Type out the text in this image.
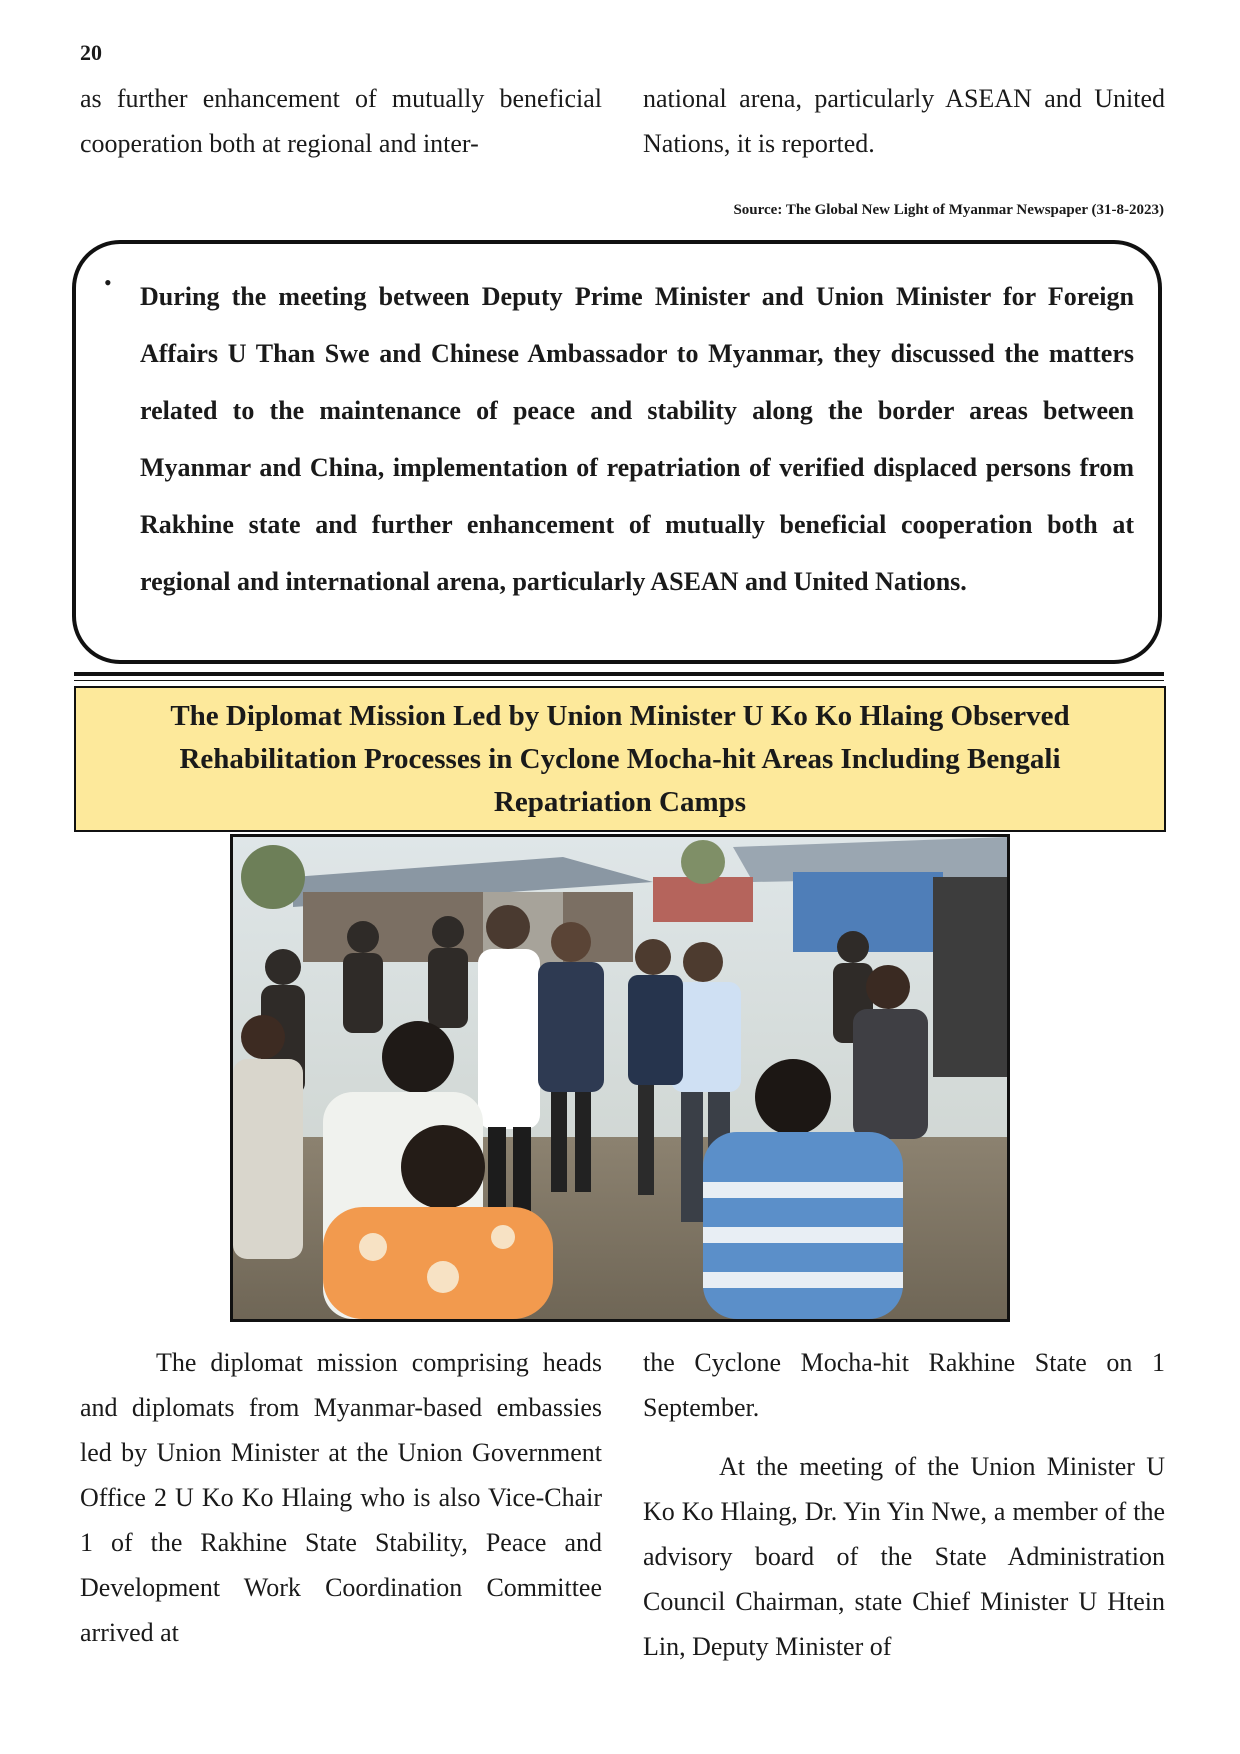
20

as further enhancement of mutually beneficial cooperation both at regional and inter-

national arena, particularly ASEAN and United Nations, it is reported.

Source: The Global New Light of Myanmar Newspaper (31-8-2023)
• During the meeting between Deputy Prime Minister and Union Minister for Foreign Affairs U Than Swe and Chinese Ambassador to Myanmar, they discussed the matters related to the maintenance of peace and stability along the border areas between Myanmar and China, implementation of repatriation of verified displaced persons from Rakhine state and further enhancement of mutually beneficial cooperation both at regional and international arena, particularly ASEAN and United Nations.

The Diplomat Mission Led by Union Minister U Ko Ko Hlaing Observed Rehabilitation Processes in Cyclone Mocha-hit Areas Including Bengali Repatriation Camps

The diplomat mission comprising heads and diplomats from Myanmar-based embassies led by Union Minister at the Union Government Office 2 U Ko Ko Hlaing who is also Vice-Chair 1 of the Rakhine State Stability, Peace and Development Work Coordination Committee arrived at

the Cyclone Mocha-hit Rakhine State on 1 September.

At the meeting of the Union Minister U Ko Ko Hlaing, Dr. Yin Yin Nwe, a member of the advisory board of the State Administration Council Chairman, state Chief Minister U Htein Lin, Deputy Minister of
